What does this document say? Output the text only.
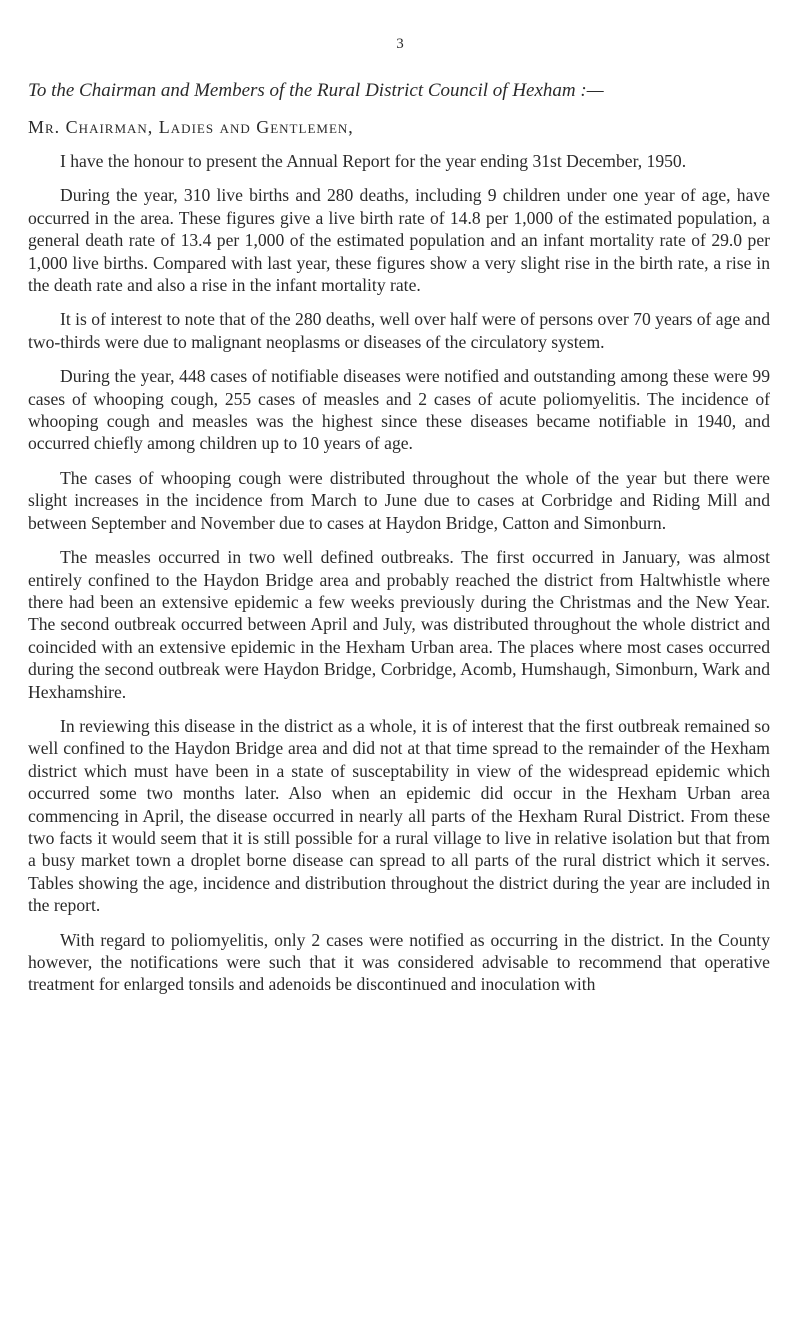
3

To the Chairman and Members of the Rural District Council of Hexham :—

Mr. Chairman, Ladies and Gentlemen,

I have the honour to present the Annual Report for the year ending 31st December, 1950.

During the year, 310 live births and 280 deaths, including 9 children under one year of age, have occurred in the area. These figures give a live birth rate of 14.8 per 1,000 of the estimated population, a general death rate of 13.4 per 1,000 of the estimated population and an infant mortality rate of 29.0 per 1,000 live births. Compared with last year, these figures show a very slight rise in the birth rate, a rise in the death rate and also a rise in the infant mortality rate.

It is of interest to note that of the 280 deaths, well over half were of persons over 70 years of age and two-thirds were due to malignant neoplasms or diseases of the circulatory system.

During the year, 448 cases of notifiable diseases were notified and outstanding among these were 99 cases of whooping cough, 255 cases of measles and 2 cases of acute poliomyelitis. The incidence of whooping cough and measles was the highest since these diseases became notifiable in 1940, and occurred chiefly among children up to 10 years of age.

The cases of whooping cough were distributed throughout the whole of the year but there were slight increases in the incidence from March to June due to cases at Corbridge and Riding Mill and between September and November due to cases at Haydon Bridge, Catton and Simonburn.

The measles occurred in two well defined outbreaks. The first occurred in January, was almost entirely confined to the Haydon Bridge area and probably reached the district from Haltwhistle where there had been an extensive epidemic a few weeks previously during the Christmas and the New Year. The second outbreak occurred between April and July, was distributed throughout the whole district and coincided with an extensive epidemic in the Hexham Urban area. The places where most cases occurred during the second outbreak were Haydon Bridge, Corbridge, Acomb, Humshaugh, Simonburn, Wark and Hexhamshire.

In reviewing this disease in the district as a whole, it is of interest that the first outbreak remained so well confined to the Haydon Bridge area and did not at that time spread to the remainder of the Hexham district which must have been in a state of susceptability in view of the widespread epidemic which occurred some two months later. Also when an epidemic did occur in the Hexham Urban area commencing in April, the disease occurred in nearly all parts of the Hexham Rural District. From these two facts it would seem that it is still possible for a rural village to live in relative isolation but that from a busy market town a droplet borne disease can spread to all parts of the rural district which it serves. Tables showing the age, incidence and distribution throughout the district during the year are included in the report.

With regard to poliomyelitis, only 2 cases were notified as occurring in the district. In the County however, the notifications were such that it was considered advisable to recommend that operative treatment for enlarged tonsils and adenoids be discontinued and inoculation with
